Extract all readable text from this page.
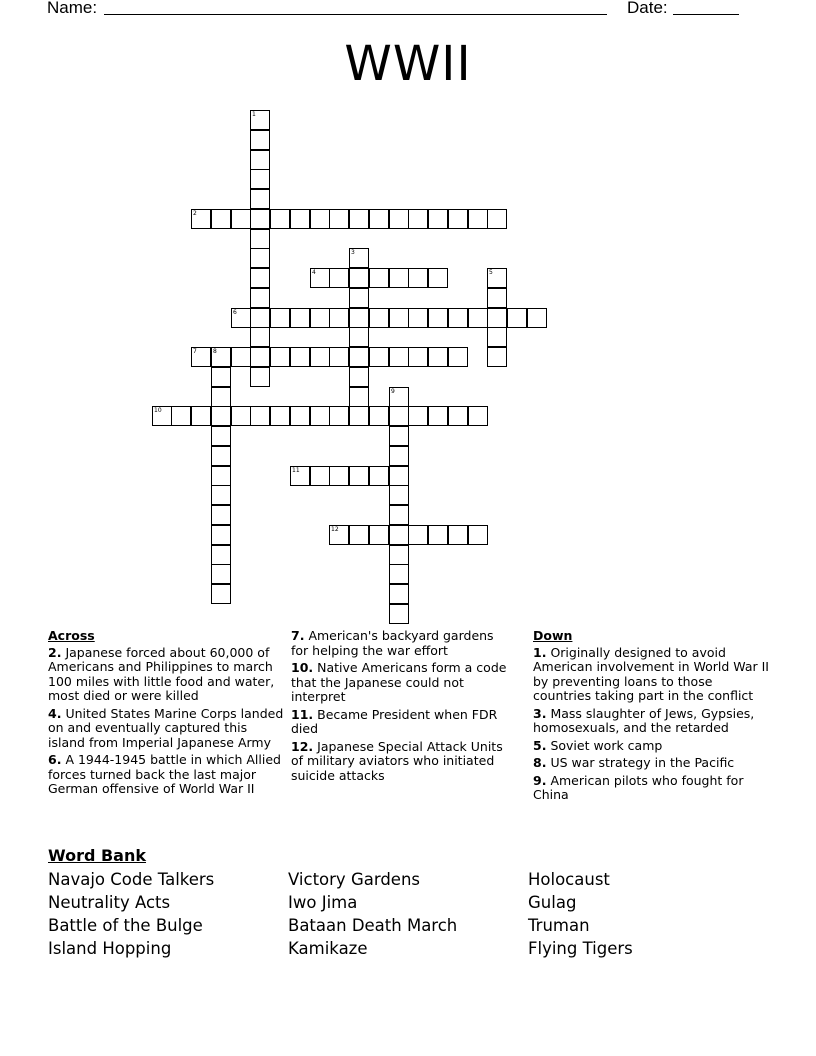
Name:	Date:
WWII
1
2
3
4	5
6
7	8
9
10
11
12
Across
2. Japanese forced about 60,000 of Americans and Philippines to march 100 miles with little food and water, most died or were killed
4. United States Marine Corps landed on and eventually captured this island from Imperial Japanese Army
6. A 1944-1945 battle in which Allied forces turned back the last major German offensive of World War II
7. American's backyard gardens for helping the war effort
10. Native Americans form a code that the Japanese could not interpret
11. Became President when FDR died
12. Japanese Special Attack Units of military aviators who initiated suicide attacks
Down
1. Originally designed to avoid American involvement in World War II by preventing loans to those countries taking part in the conflict
3. Mass slaughter of Jews, Gypsies, homosexuals, and the retarded
5. Soviet work camp
8. US war strategy in the Pacific
9. American pilots who fought for China
Word Bank
Navajo Code Talkers
Neutrality Acts
Battle of the Bulge
Island Hopping
Victory Gardens
Iwo Jima
Bataan Death March
Kamikaze
Holocaust
Gulag
Truman
Flying Tigers
